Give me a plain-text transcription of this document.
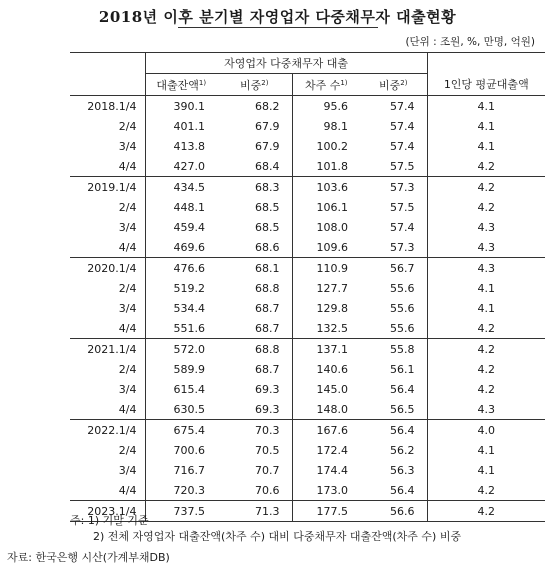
2018년 이후 분기별 자영업자 다중채무자 대출현황
(단위 : 조원, %, 만명, 억원)
	자영업자 다중채무자 대출				
	대출잔액$^{1)}$	비중$^{2)}$	차주 수$^{1)}$	비중$^{2)}$	1인당 평균대출액
2018.1/4	390.1	68.2	95.6	57.4	4.1
2/4	401.1	67.9	98.1	57.4	4.1
3/4	413.8	67.9	100.2	57.4	4.1
4/4	427.0	68.4	101.8	57.5	4.2
2019.1/4	434.5	68.3	103.6	57.3	4.2
2/4	448.1	68.5	106.1	57.5	4.2
3/4	459.4	68.5	108.0	57.4	4.3
4/4	469.6	68.6	109.6	57.3	4.3
2020.1/4	476.6	68.1	110.9	56.7	4.3
2/4	519.2	68.8	127.7	55.6	4.1
3/4	534.4	68.7	129.8	55.6	4.1
4/4	551.6	68.7	132.5	55.6	4.2
2021.1/4	572.0	68.8	137.1	55.8	4.2
2/4	589.9	68.7	140.6	56.1	4.2
3/4	615.4	69.3	145.0	56.4	4.2
4/4	630.5	69.3	148.0	56.5	4.3
2022.1/4	675.4	70.3	167.6	56.4	4.0
2/4	700.6	70.5	172.4	56.2	4.1
3/4	716.7	70.7	174.4	56.3	4.1
4/4	720.3	70.6	173.0	56.4	4.2
2023.1/4	737.5	71.3	177.5	56.6	4.2
주: 1) 기말 기준
2) 전체 자영업자 대출잔액(차주 수) 대비 다중채무자 대출잔액(차주 수) 비중
자료: 한국은행 시산(가계부채DB)
